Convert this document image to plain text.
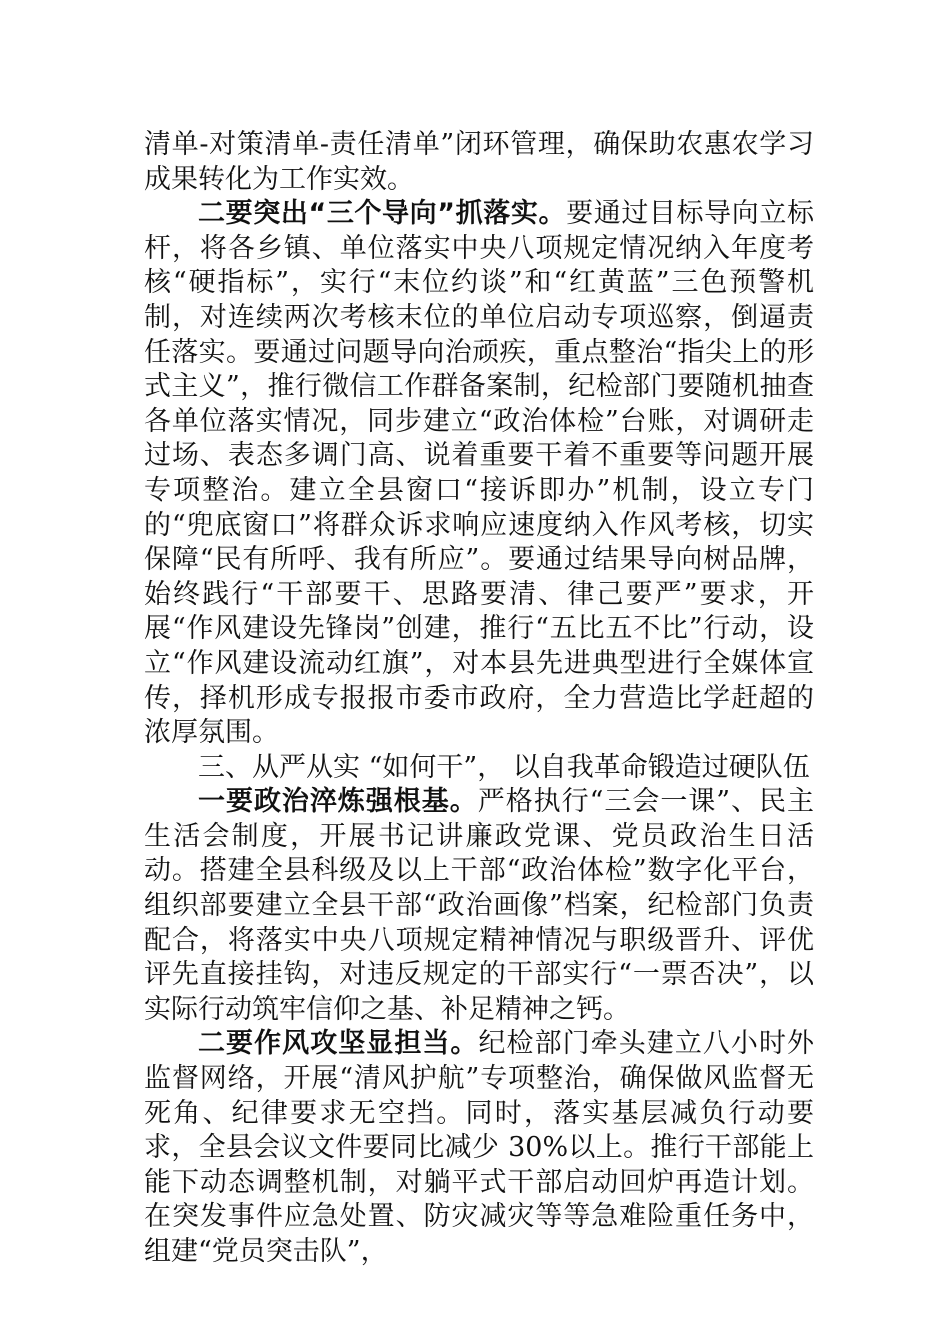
清单-对策清单-责任清单”闭环管理，确保助农惠农学习成果转化为工作实效。

二要突出“三个导向”抓落实。要通过目标导向立标杆，将各乡镇、单位落实中央八项规定情况纳入年度考核“硬指标”，实行“末位约谈”和“红黄蓝”三色预警机制，对连续两次考核末位的单位启动专项巡察，倒逼责任落实。要通过问题导向治顽疾，重点整治“指尖上的形式主义”，推行微信工作群备案制，纪检部门要随机抽查各单位落实情况，同步建立“政治体检”台账，对调研走过场、表态多调门高、说着重要干着不重要等问题开展专项整治。建立全县窗口“接诉即办”机制，设立专门的“兜底窗口”将群众诉求响应速度纳入作风考核，切实保障“民有所呼、我有所应”。要通过结果导向树品牌，始终践行“干部要干、思路要清、律己要严”要求，开展“作风建设先锋岗”创建，推行“五比五不比”行动，设立“作风建设流动红旗”，对本县先进典型进行全媒体宣传，择机形成专报报市委市政府，全力营造比学赶超的浓厚氛围。

三、从严从实 “如何干”， 以自我革命锻造过硬队伍

一要政治淬炼强根基。严格执行“三会一课”、民主生活会制度，开展书记讲廉政党课、党员政治生日活动。搭建全县科级及以上干部“政治体检”数字化平台，组织部要建立全县干部“政治画像”档案，纪检部门负责配合，将落实中央八项规定精神情况与职级晋升、评优评先直接挂钩，对违反规定的干部实行“一票否决”，以实际行动筑牢信仰之基、补足精神之钙。

二要作风攻坚显担当。纪检部门牵头建立八小时外监督网络，开展“清风护航”专项整治，确保做风监督无死角、纪律要求无空挡。同时，落实基层减负行动要求，全县会议文件要同比减少 30%以上。推行干部能上能下动态调整机制，对躺平式干部启动回炉再造计划。在突发事件应急处置、防灾减灾等等急难险重任务中，组建“党员突击队”，
